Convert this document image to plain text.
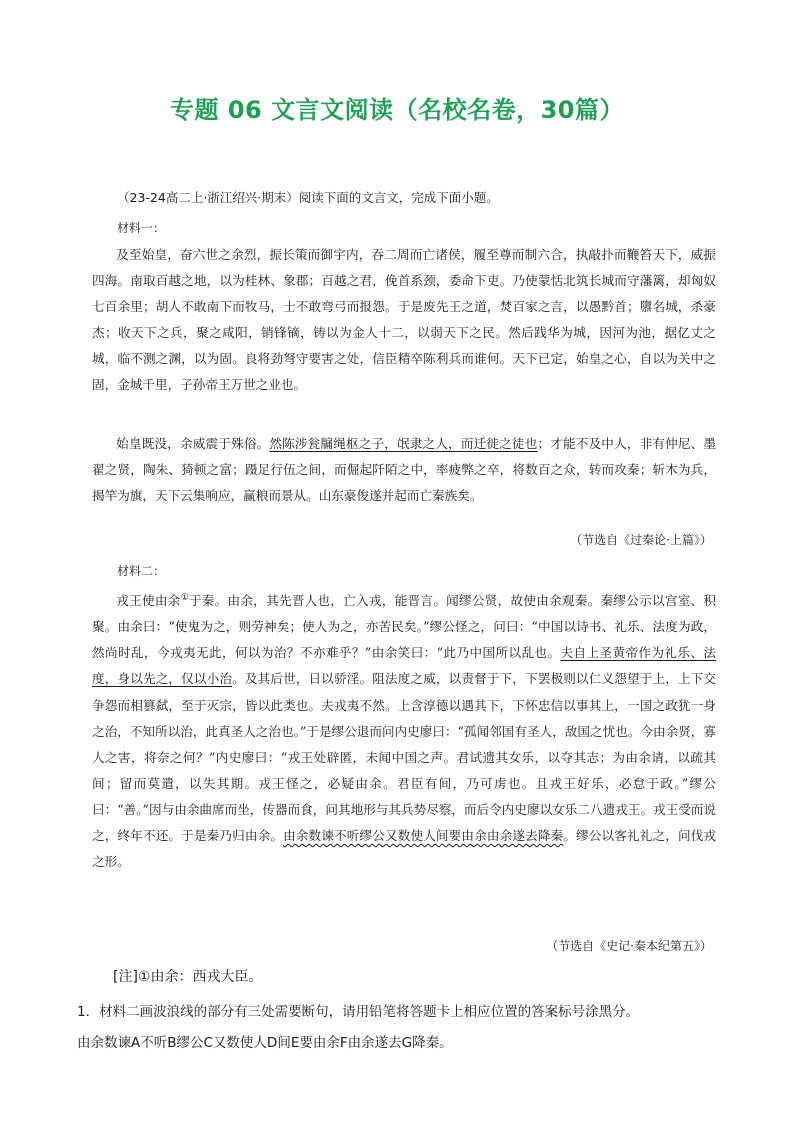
专题 06 文言文阅读（名校名卷，30篇）
（23-24高二上·浙江绍兴·期末）阅读下面的文言文，完成下面小题。
材料一：
及至始皇，奋六世之余烈，振长策而御宇内，吞二周而亡诸侯，履至尊而制六合，执敲扑而鞭笞天下，威振四海。南取百越之地，以为桂林、象郡；百越之君，俛首系颈，委命下吏。乃使蒙恬北筑长城而守藩篱，却匈奴七百余里；胡人不敢南下而牧马，士不敢弯弓而报怨。于是废先王之道，焚百家之言，以愚黔首；隳名城，杀豪杰；收天下之兵，聚之咸阳，销锋镝，铸以为金人十二，以弱天下之民。然后践华为城，因河为池，据亿丈之城，临不测之渊，以为固。良将劲弩守要害之处，信臣精卒陈利兵而谁何。天下已定，始皇之心，自以为关中之固，金城千里，子孙帝王万世之业也。
始皇既没，余威震于殊俗。然陈涉瓮牖绳枢之子，氓隶之人，而迁徙之徒也；才能不及中人，非有仲尼、墨翟之贤，陶朱、猗顿之富；蹑足行伍之间，而倔起阡陌之中，率疲弊之卒，将数百之众，转而攻秦；斩木为兵，揭竿为旗，天下云集响应，赢粮而景从。山东豪俊遂并起而亡秦族矣。
（节选自《过秦论·上篇》）
材料二：
戎王使由余①于秦。由余，其先晋人也，亡入戎，能晋言。闻缪公贤，故使由余观秦。秦缪公示以宫室、积聚。由余曰：“使鬼为之，则劳神矣；使人为之，亦苦民矣。”缪公怪之，问曰：“中国以诗书、礼乐、法度为政，然尚时乱，今戎夷无此，何以为治？不亦难乎？”由余笑曰：“此乃中国所以乱也。夫自上圣黄帝作为礼乐、法度，身以先之，仅以小治。及其后世，日以骄淫。阻法度之威，以责督于下，下罢极则以仁义怨望于上，上下交争怨而相篡弑，至于灭宗，皆以此类也。夫戎夷不然。上含淳德以遇其下，下怀忠信以事其上，一国之政犹一身之治，不知所以治，此真圣人之治也。”于是缪公退而问内史廖曰：“孤闻邻国有圣人，敌国之忧也。今由余贤，寡人之害，将奈之何？”内史廖曰：“戎王处辟匿，未闻中国之声。君试遗其女乐，以夺其志；为由余请，以疏其间；留而莫遣，以失其期。戎王怪之，必疑由余。君臣有间，乃可虏也。且戎王好乐，必怠于政。”缪公曰：“善。”因与由余曲席而坐，传器而食，问其地形与其兵势尽察，而后令内史廖以女乐二八遗戎王。戎王受而说之，终年不还。于是秦乃归由余。由余数谏不听缪公又数使人间要由余由余遂去降秦。缪公以客礼礼之，问伐戎之形。
（节选自《史记·秦本纪第五》）
[注]①由余：西戎大臣。
1．材料二画波浪线的部分有三处需要断句，请用铅笔将答题卡上相应位置的答案标号涂黑分。
由余数谏A不听B缪公C又数使人D间E要由余F由余遂去G降秦。
